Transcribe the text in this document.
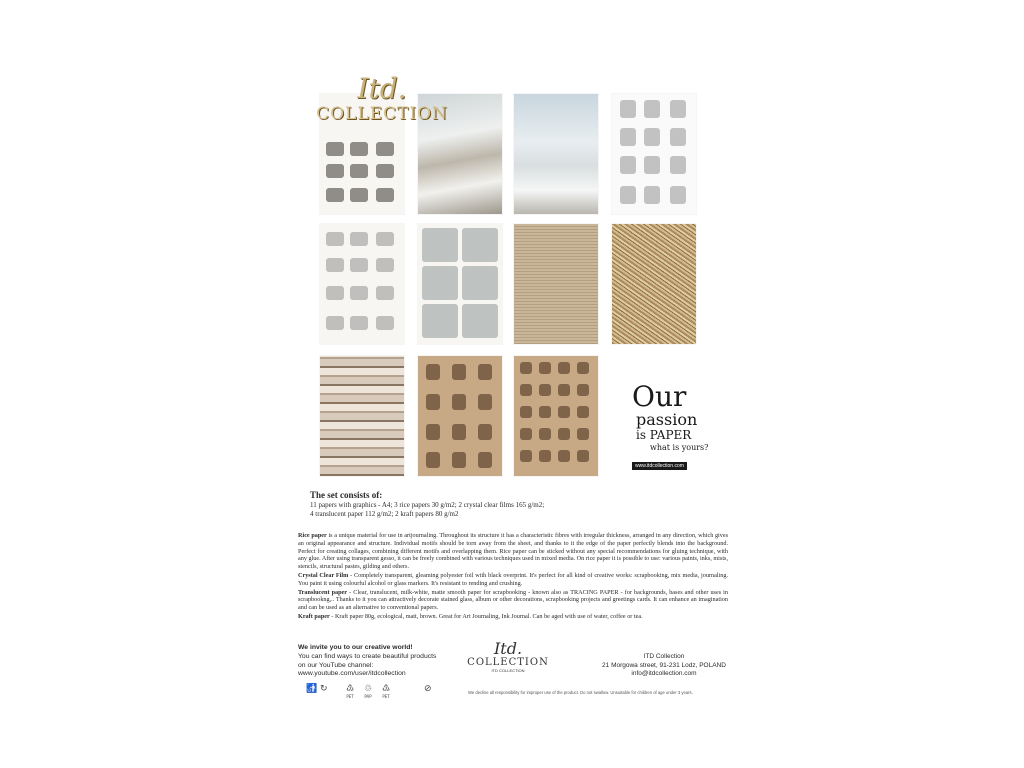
Itd.
COLLECTION
Our
passion
is PAPER
what is yours?
www.itdcollection.com
The set consists of:
11 papers with graphics - A4; 3 rice papers 30 g/m2; 2 crystal clear films 165 g/m2;
4 translucent paper 112 g/m2; 2 kraft papers 80 g/m2

Rice paper is a unique material for use in artjournaling. Throughout its structure it has a characteristic fibres with irregular thickness, arranged in any direction, which gives an original appearance and structure. Individual motifs should be torn away from the sheet, and thanks to it the edge of the paper perfectly blends into the background. Perfect for creating collages, combining different motifs and overlapping them. Rice paper can be sticked without any special recommendations for gluing technique, with any glue. After using transparent gesso, it can be freely combined with various techniques used in mixed media. On rice paper it is possible to use: various paints, inks, mists, stencils, structural pastes, gilding and others.

Crystal Clear Film - Completely transparent, gleaming polyester foil with black overprint. It's perfect for all kind of creative works: scrapbooking, mix media, journaling. You paint it using colourful alcohol or glass markers. It's resistant to rending and crushing.

Translucent paper - Clear, translucent, milk-white, matte smooth paper for scrapbooking - known also as TRACING PAPER - for backgrounds, bases and other uses in scrapbookng,.. Thanks to it you can attractively decorate stained glass, album or other decorations, scrapbooking projects and greetings cards. It can enhance an imagination and can be used as an alternative to conventional papers.

Kraft paper - Kraft paper 80g, ecological, matt, brown. Great for Art Journaling, Ink Journal. Can be aged with use of water, coffee or tea.

We invite you to our creative world!
You can find ways to create beautiful products
on our YouTube channel:
www.youtube.com/user/itdcollection
Itd.
COLLECTION
ITD COLLECTION
ITD Collection
21 Morgowa street, 91-231 Lodz, POLAND
info@itdcollection.com
🚮 ↻ ♳
PET
♲
PAP
♳
PET
⊘	We decline all responsibility for improper use of the product. Do not swallow. Unsuitable for children of age under 3 years.
